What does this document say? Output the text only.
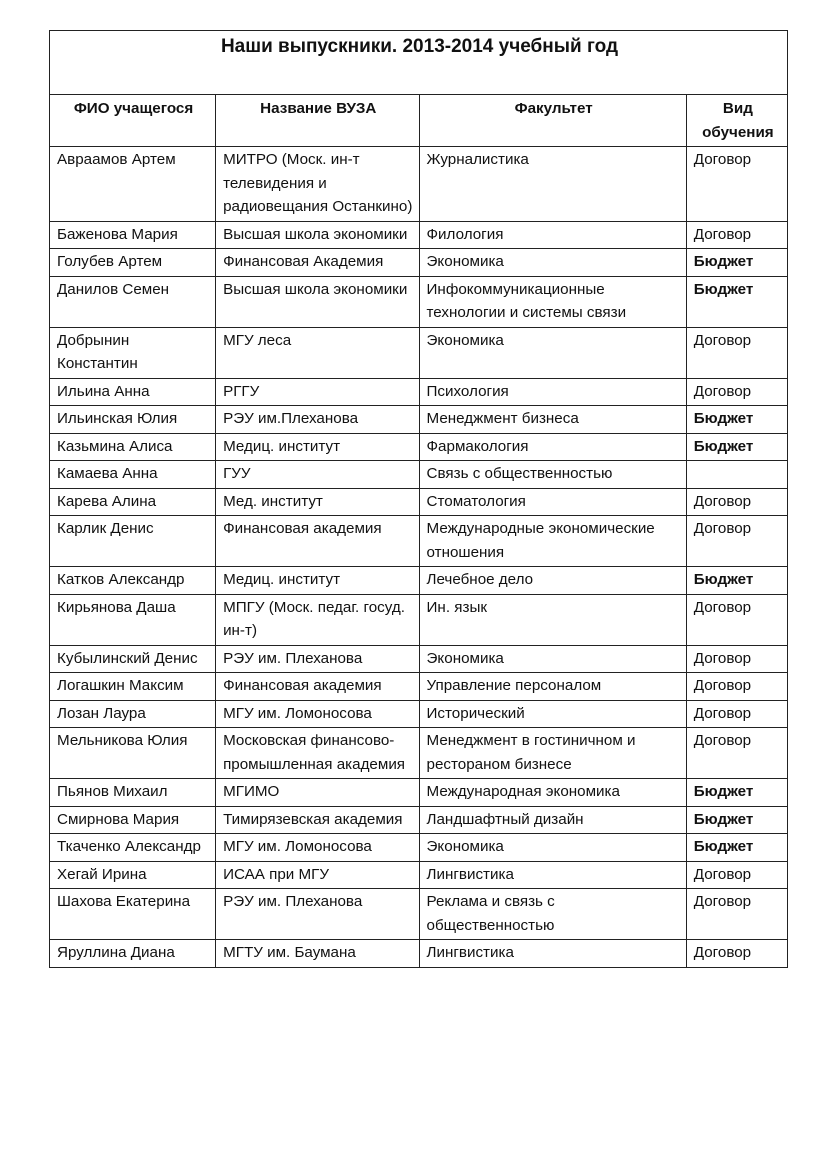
Наши выпускники. 2013-2014 учебный год			
ФИО учащегося	Название ВУЗА	Факультет	Вид обучения
Авраамов Артем	МИТРО (Моск. ин-т телевидения и радиовещания Останкино)	Журналистика	Договор
Баженова Мария	Высшая школа экономики	Филология	Договор
Голубев Артем	Финансовая Академия	Экономика	Бюджет
Данилов Семен	Высшая школа экономики	Инфокоммуникационные технологии и системы связи	Бюджет
Добрынин Константин	МГУ леса	Экономика	Договор
Ильина Анна	РГГУ	Психология	Договор
Ильинская Юлия	РЭУ им.Плеханова	Менеджмент бизнеса	Бюджет
Казьмина Алиса	Медиц. институт	Фармакология	Бюджет
Камаева Анна	ГУУ	Связь с общественностью	
Карева Алина	Мед. институт	Стоматология	Договор
Карлик Денис	Финансовая академия	Международные экономические отношения	Договор
Катков Александр	Медиц. институт	Лечебное дело	Бюджет
Кирьянова Даша	МПГУ (Моск. педаг. госуд. ин-т)	Ин. язык	Договор
Кубылинский Денис	РЭУ им. Плеханова	Экономика	Договор
Логашкин Максим	Финансовая академия	Управление персоналом	Договор
Лозан Лаура	МГУ им. Ломоносова	Исторический	Договор
Мельникова Юлия	Московская финансово-промышленная академия	Менеджмент в гостиничном и рестораном бизнесе	Договор
Пьянов Михаил	МГИМО	Международная экономика	Бюджет
Смирнова Мария	Тимирязевская академия	Ландшафтный дизайн	Бюджет
Ткаченко Александр	МГУ им. Ломоносова	Экономика	Бюджет
Хегай Ирина	ИСАА при МГУ	Лингвистика	Договор
Шахова Екатерина	РЭУ им. Плеханова	Реклама и связь с общественностью	Договор
Яруллина Диана	МГТУ им. Баумана	Лингвистика	Договор
